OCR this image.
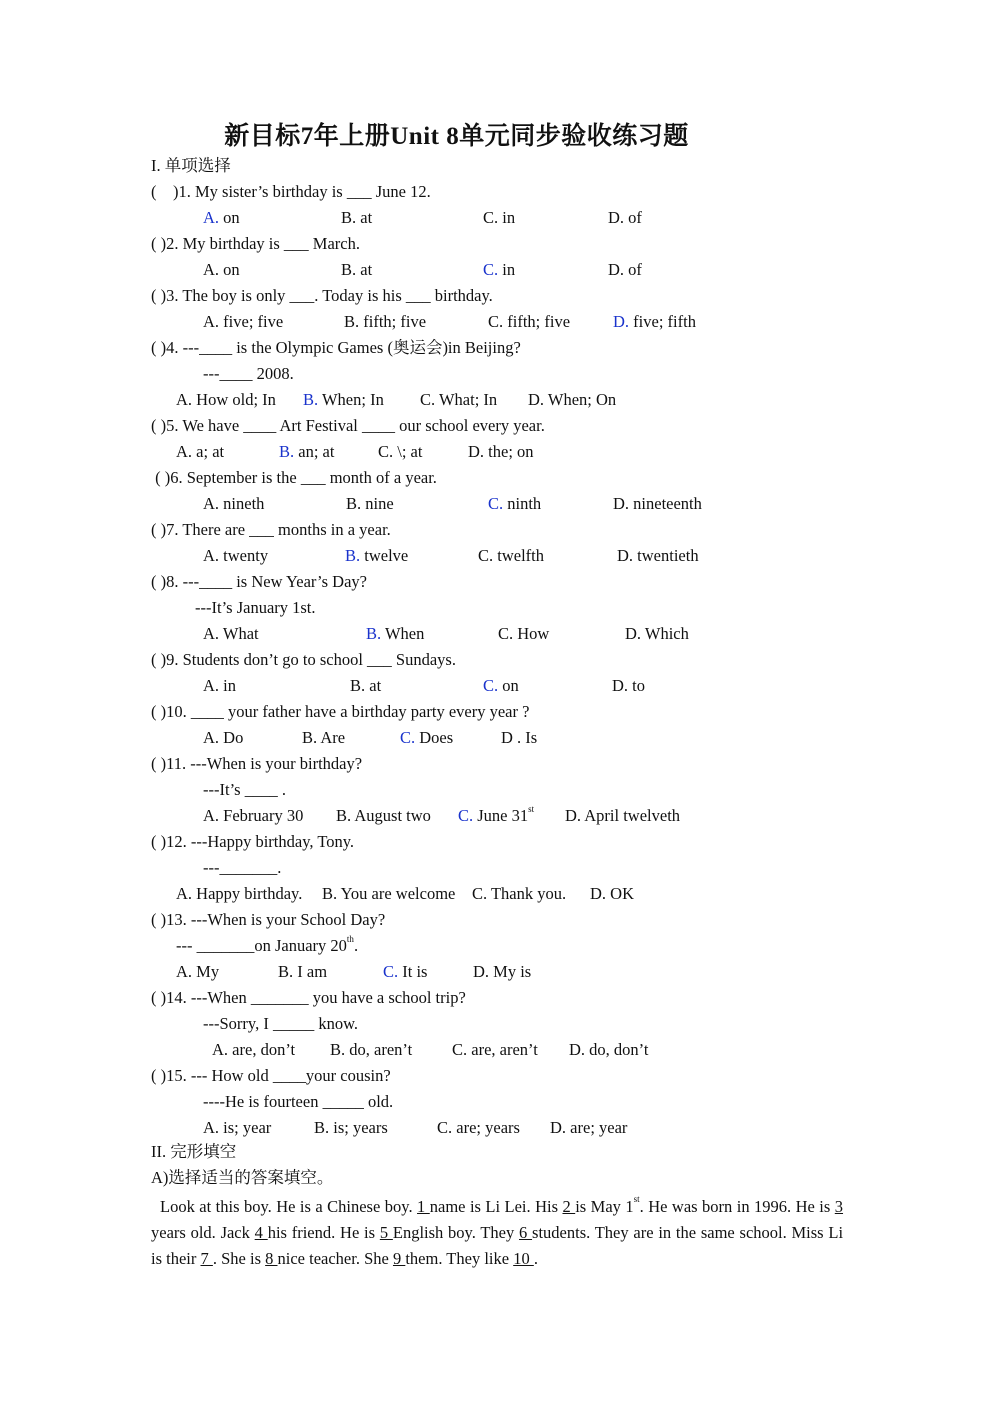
新目标7年上册Unit 8单元同步验收练习题
I. 单项选择
(    )1. My sister’s birthday is ___ June 12.
A. on	B. at	C. in	D. of
( )2. My birthday is ___ March.
A. on	B. at	C. in	D. of
( )3. The boy is only ___. Today is his ___ birthday.
A. five; five	B. fifth; five	C. fifth; five	D. five; fifth
( )4. ---____ is the Olympic Games (奥运会)in Beijing?
---____ 2008.
A. How old; In B. When; In C. What; In D. When; On
( )5. We have ____ Art Festival ____ our school every year.
A. a; at	B. an; at	C. \; at	D. the; on
( )6. September is the ___ month of a year.
A. nineth	B. nine	C. ninth	D. nineteenth
( )7. There are ___ months in a year.
A. twenty	B. twelve	C. twelfth	D. twentieth
( )8. ---____ is New Year’s Day?
---It’s January 1st.
A. What	B. When	C. How	D. Which
( )9. Students don’t go to school ___ Sundays.
A. in	B. at	C. on	D. to
( )10. ____ your father have a birthday party every year ?
A. Do	B. Are	C. Does	D . Is
( )11. ---When is your birthday?
---It’s ____ .
A. February 30 B. August two C. June 31st D. April twelveth
( )12. ---Happy birthday, Tony.
---_______.
A. Happy birthday. B. You are welcome C. Thank you. D. OK
( )13. ---When is your School Day?
--- _______on January 20th.
A. My	B. I am	C. It is	D. My is
( )14. ---When _______ you have a school trip?
---Sorry, I _____ know.
A. are, don’t B. do, aren’t C. are, aren’t D. do, don’t
( )15. --- How old ____your cousin?
----He is fourteen _____ old.
A. is; year	B. is; years	C. are; years D. are; year
II. 完形填空
A)选择适当的答案填空。
Look at this boy. He is a Chinese boy. 1 name is Li Lei. His 2 is May 1st. He was born in 1996. He is 3 years old. Jack 4 his friend. He is 5 English boy. They 6 students. They are in the same school. Miss Li is their 7 . She is 8 nice teacher. She 9 them. They like 10 .
